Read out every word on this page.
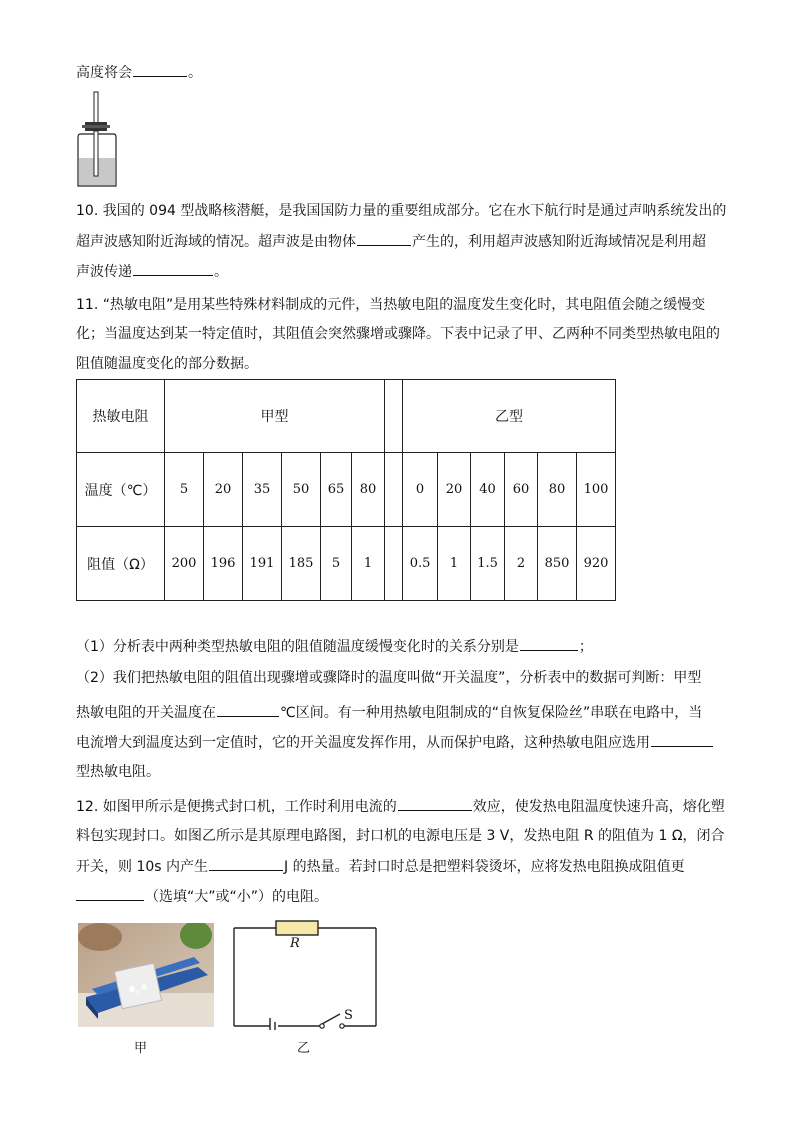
高度将会	。
10. 我国的 094 型战略核潜艇，是我国国防力量的重要组成部分。它在水下航行时是通过声呐系统发出的
超声波感知附近海域的情况。超声波是由物体	产生的，利用超声波感知附近海域情况是利用超
声波传递	。
11. “热敏电阻”是用某些特殊材料制成的元件，当热敏电阻的温度发生变化时，其电阻值会随之缓慢变
化；当温度达到某一特定值时，其阻值会突然骤增或骤降。下表中记录了甲、乙两种不同类型热敏电阻的
阻值随温度变化的部分数据。
热敏电阻	甲型							乙型					
温度（℃）	5	20	35	50	65	80		0	20	40	60	80	100
阻值（Ω）	200	196	191	185	5	1		0.5	1	1.5	2	850	920
（1）分析表中两种类型热敏电阻的阻值随温度缓慢变化时的关系分别是	；
（2）我们把热敏电阻的阻值出现骤增或骤降时的温度叫做“开关温度”，分析表中的数据可判断：甲型
热敏电阻的开关温度在	℃区间。有一种用热敏电阻制成的“自恢复保险丝”串联在电路中，当
电流增大到温度达到一定值时，它的开关温度发挥作用，从而保护电路，这种热敏电阻应选用
型热敏电阻。
12. 如图甲所示是便携式封口机，工作时利用电流的	效应，使发热电阻温度快速升高，熔化塑
料包实现封口。如图乙所示是其原理电路图，封口机的电源电压是 3 V，发热电阻 R 的阻值为 1 Ω，闭合
开关，则 10s 内产生	J 的热量。若封口时总是把塑料袋烫坏，应将发热电阻换成阻值更
（选填“大”或“小”）的电阻。
甲
R
S
乙
